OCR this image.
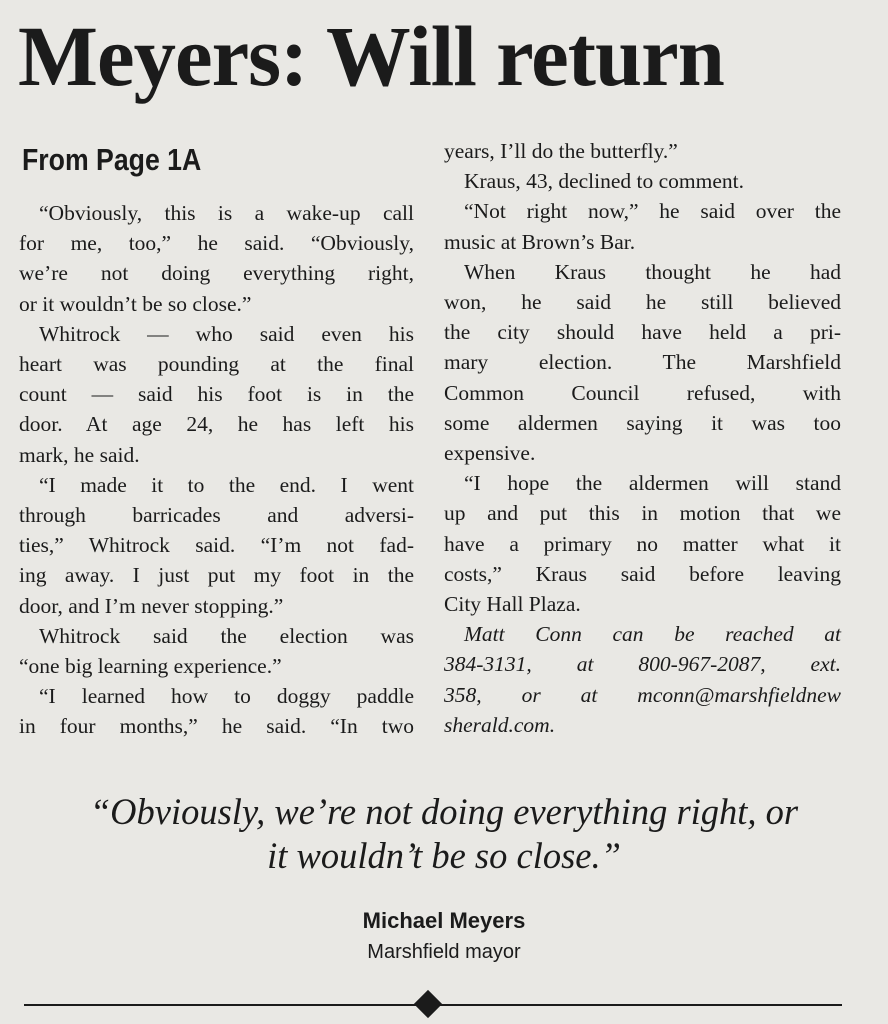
Meyers: Will return
From Page 1A
“Obviously, this is a wake-up call
for me, too,” he said. “Obviously,
we’re not doing everything right,
or it wouldn’t be so close.”
Whitrock — who said even his
heart was pounding at the final
count — said his foot is in the
door. At age 24, he has left his
mark, he said.
“I made it to the end. I went
through barricades and adversi-
ties,” Whitrock said. “I’m not fad-
ing away. I just put my foot in the
door, and I’m never stopping.”
Whitrock said the election was
“one big learning experience.”
“I learned how to doggy paddle
in four months,” he said. “In two
years, I’ll do the butterfly.”
Kraus, 43, declined to comment.
“Not right now,” he said over the
music at Brown’s Bar.
When Kraus thought he had
won, he said he still believed
the city should have held a pri-
mary election. The Marshfield
Common Council refused, with
some aldermen saying it was too
expensive.
“I hope the aldermen will stand
up and put this in motion that we
have a primary no matter what it
costs,” Kraus said before leaving
City Hall Plaza.
Matt Conn can be reached at
384-3131, at 800-967-2087, ext.
358, or at mconn@marshfieldnew
sherald.com.
“Obviously, we’re not doing everything right, or
it wouldn’t be so close.”
Michael Meyers
Marshfield mayor
